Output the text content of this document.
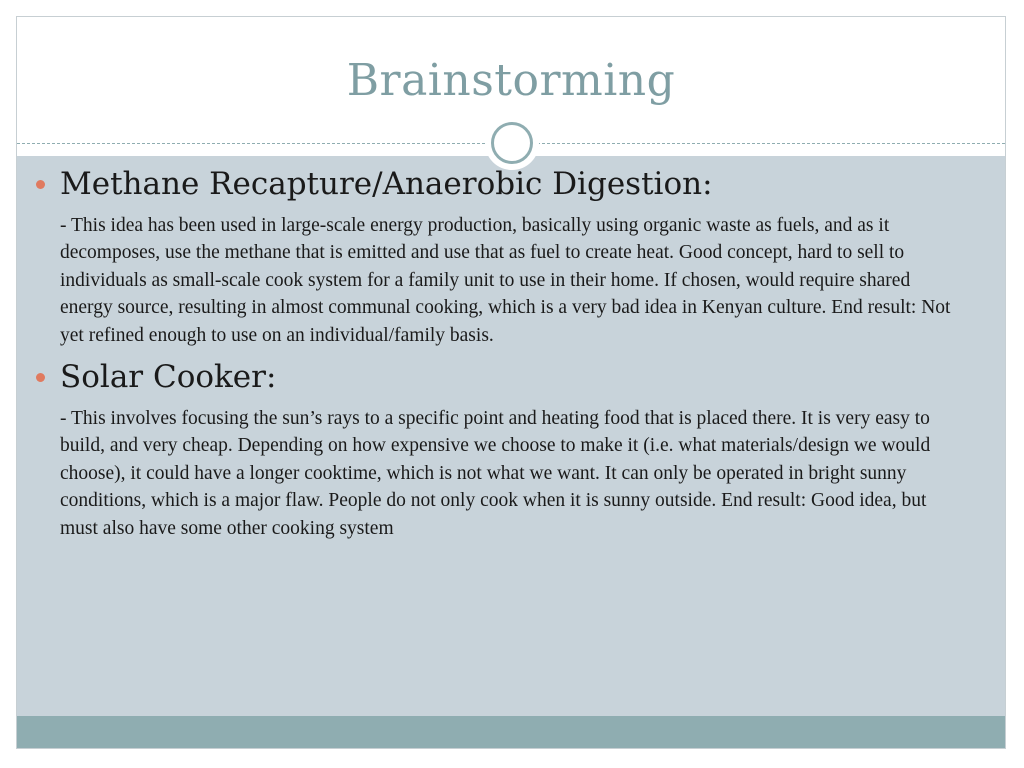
Brainstorming

Methane Recapture/Anaerobic Digestion:

- This idea has been used in large-scale energy production, basically using organic waste as fuels, and as it decomposes, use the methane that is emitted and use that as fuel to create heat. Good concept, hard to sell to individuals as small-scale cook system for a family unit to use in their home. If chosen, would require shared energy source, resulting in almost communal cooking, which is a very bad idea in Kenyan culture. End result: Not yet refined enough to use on an individual/family basis.

Solar Cooker:

- This involves focusing the sun’s rays to a specific point and heating food that is placed there. It is very easy to build, and very cheap. Depending on how expensive we choose to make it (i.e. what materials/design we would choose), it could have a longer cooktime, which is not what we want. It can only be operated in bright sunny conditions, which is a major flaw. People do not only cook when it is sunny outside. End result: Good idea, but must also have some other cooking system
